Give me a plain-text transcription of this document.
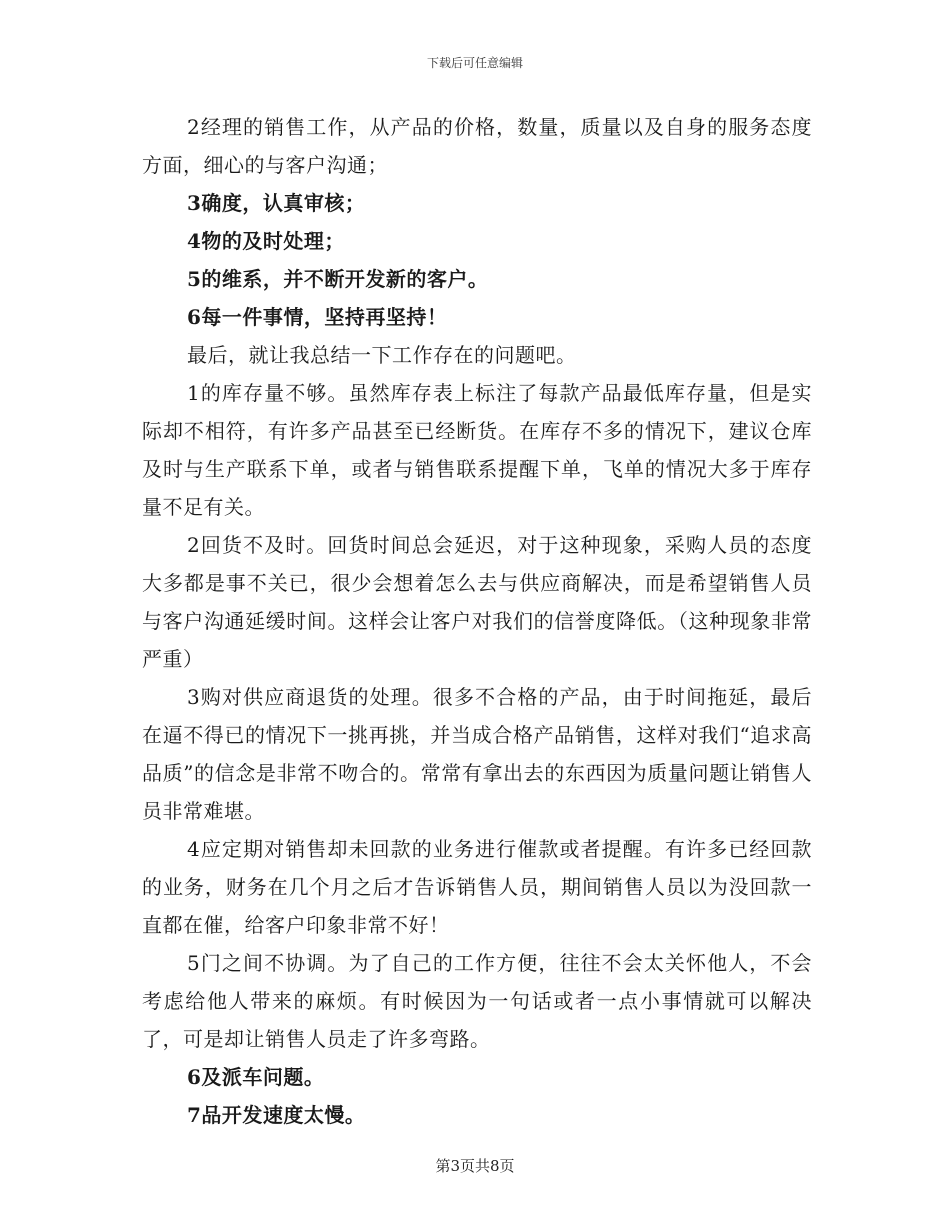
下载后可任意编辑

2经理的销售工作，从产品的价格，数量，质量以及自身的服务态度方面，细心的与客户沟通；

3确度，认真审核；

4物的及时处理；

5的维系，并不断开发新的客户。

6每一件事情，坚持再坚持！

最后，就让我总结一下工作存在的问题吧。

1的库存量不够。虽然库存表上标注了每款产品最低库存量，但是实际却不相符，有许多产品甚至已经断货。在库存不多的情况下，建议仓库及时与生产联系下单，或者与销售联系提醒下单，飞单的情况大多于库存量不足有关。

2回货不及时。回货时间总会延迟，对于这种现象，采购人员的态度大多都是事不关已，很少会想着怎么去与供应商解决，而是希望销售人员与客户沟通延缓时间。这样会让客户对我们的信誉度降低。（这种现象非常严重）

3购对供应商退货的处理。很多不合格的产品，由于时间拖延，最后在逼不得已的情况下一挑再挑，并当成合格产品销售，这样对我们“追求高品质”的信念是非常不吻合的。常常有拿出去的东西因为质量问题让销售人员非常难堪。

4应定期对销售却未回款的业务进行催款或者提醒。有许多已经回款的业务，财务在几个月之后才告诉销售人员，期间销售人员以为没回款一直都在催，给客户印象非常不好！

5门之间不协调。为了自己的工作方便，往往不会太关怀他人，不会考虑给他人带来的麻烦。有时候因为一句话或者一点小事情就可以解决了，可是却让销售人员走了许多弯路。

6及派车问题。

7品开发速度太慢。

第3页共8页
